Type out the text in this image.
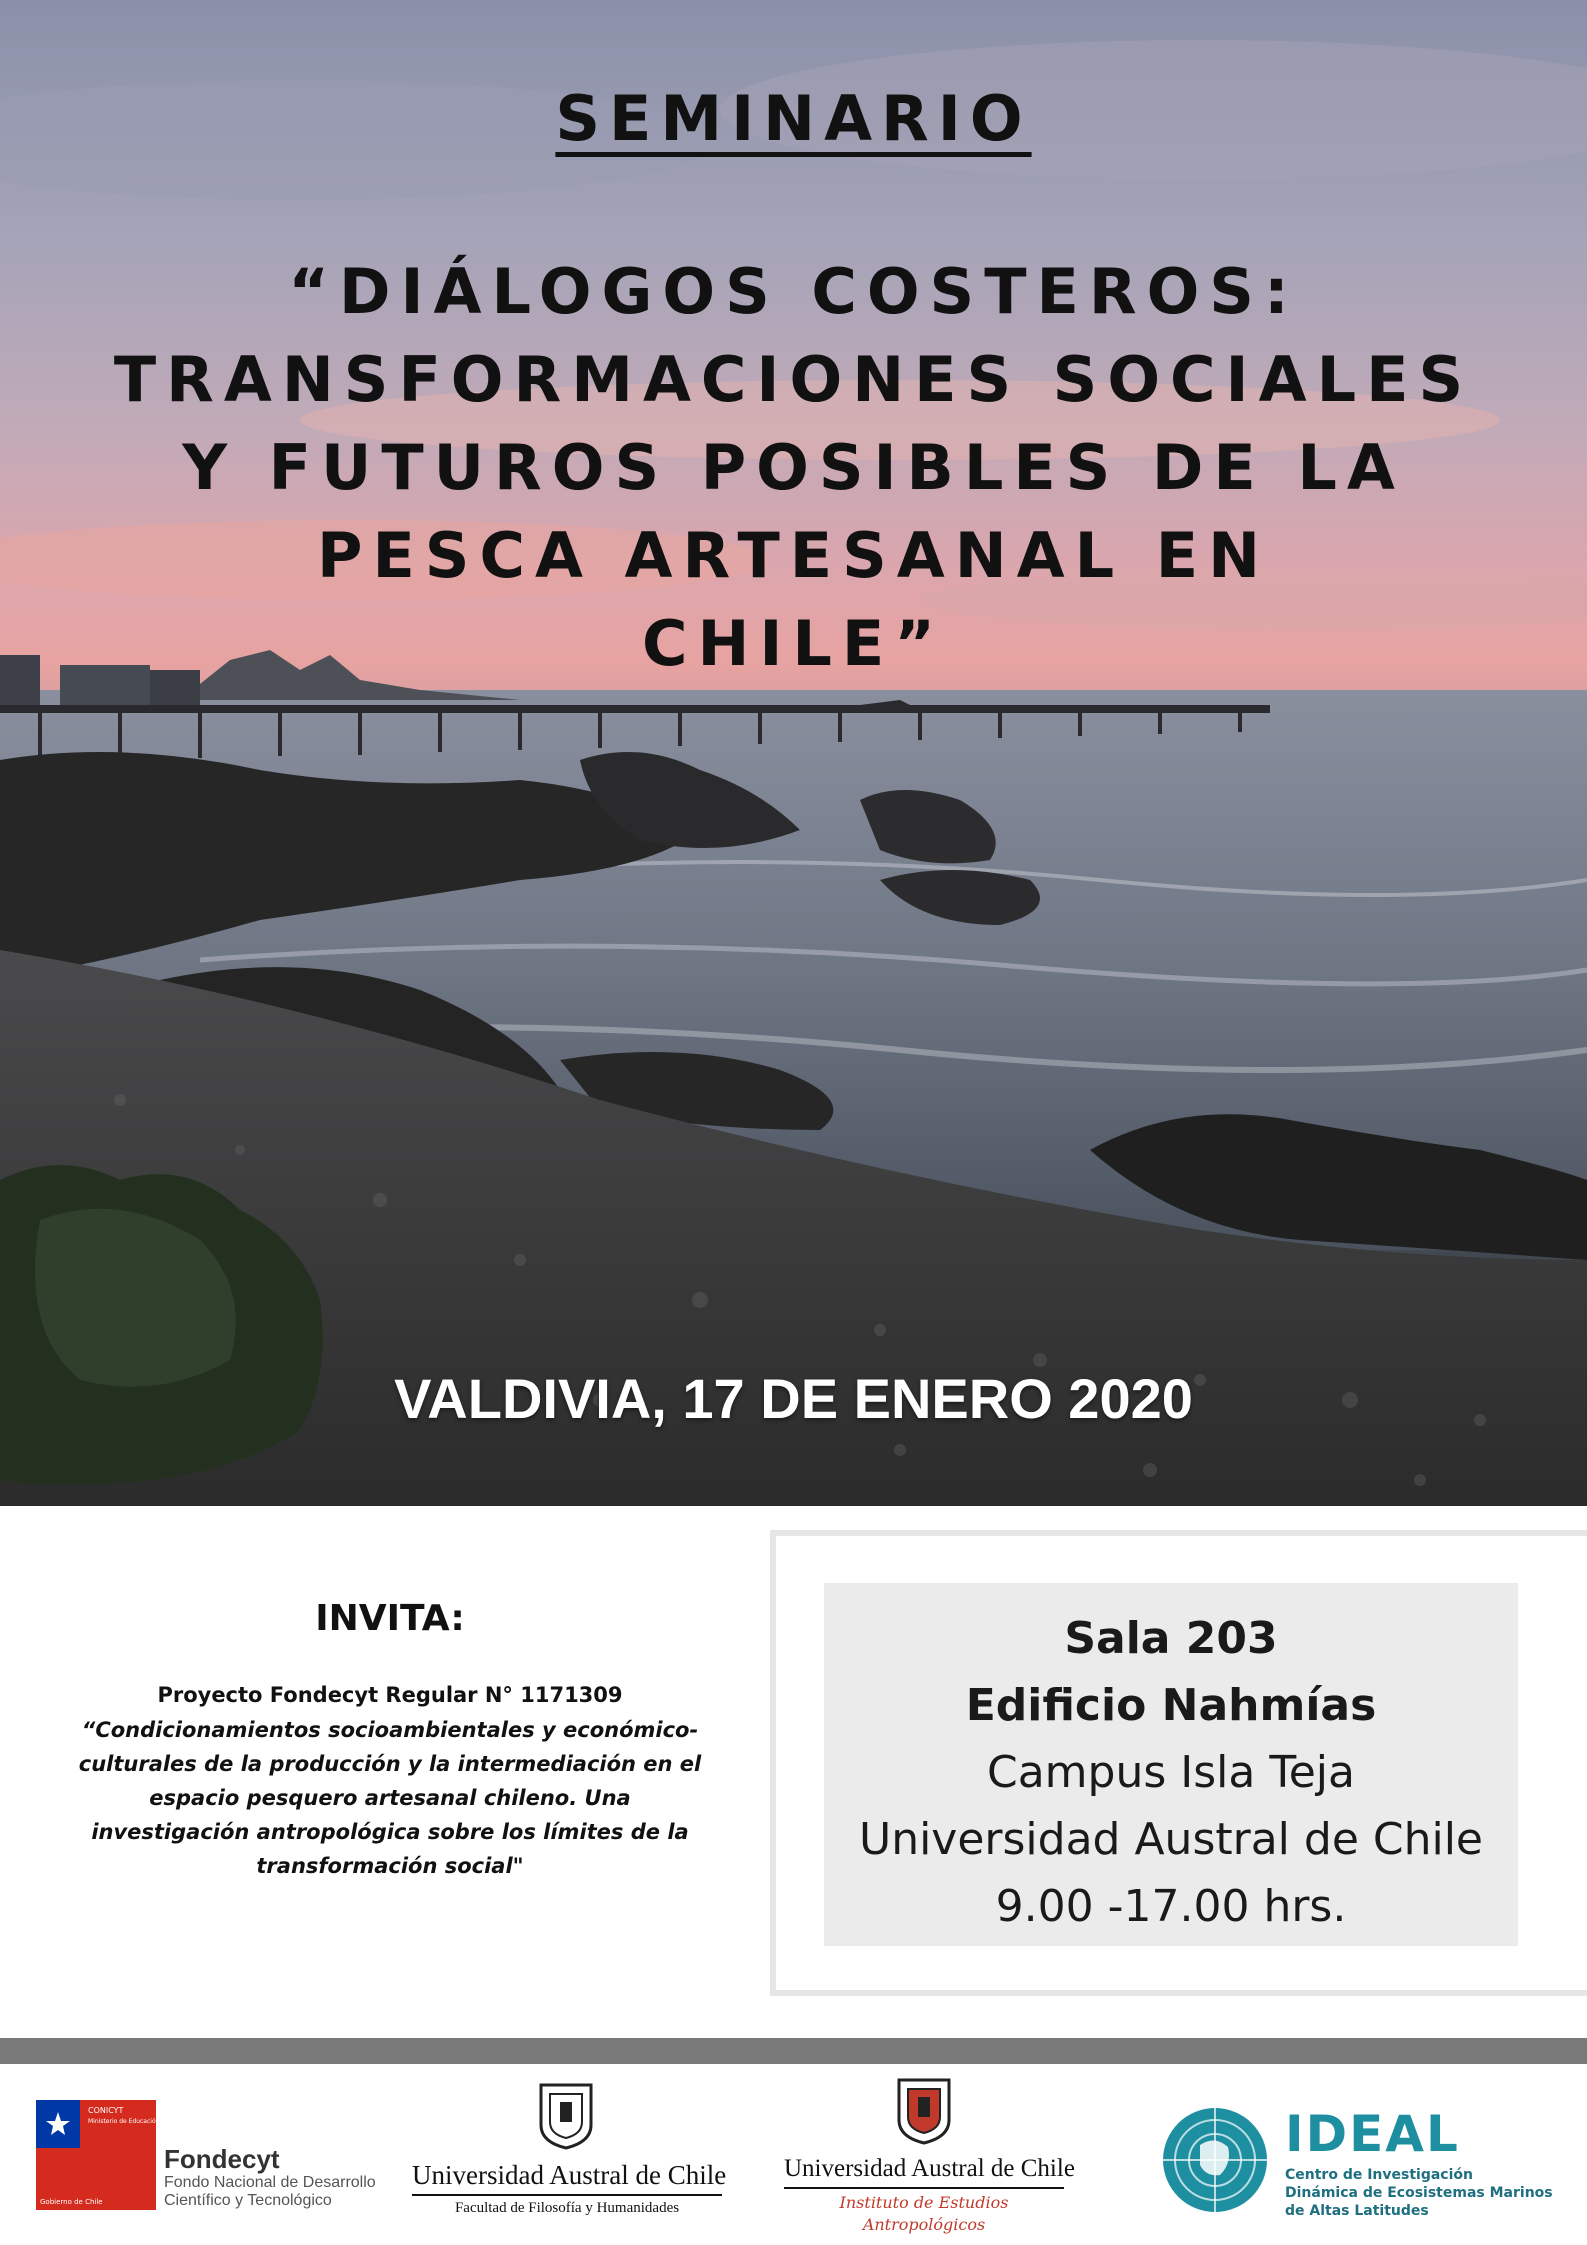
SEMINARIO
“DIÁLOGOS COSTEROS:
TRANSFORMACIONES SOCIALES
Y FUTUROS POSIBLES DE LA
PESCA ARTESANAL EN
CHILE”
VALDIVIA, 17 DE ENERO 2020
INVITA:
Proyecto Fondecyt Regular N° 1171309
“Condicionamientos socioambientales y económico-
culturales de la producción y la intermediación en el
espacio pesquero artesanal chileno. Una
investigación antropológica sobre los límites de la
transformación social"
Sala 203
Edificio Nahmías
Campus Isla Teja
Universidad Austral de Chile
9.00 -17.00 hrs.
CONICYT
Ministerio de Educación
Gobierno de Chile
Fondecyt
Fondo Nacional de Desarrollo
Científico y Tecnológico
Universidad Austral de Chile
Facultad de Filosofía y Humanidades
Universidad Austral de Chile
Instituto de Estudios
Antropológicos
IDEAL
Centro de Investigación
Dinámica de Ecosistemas Marinos
de Altas Latitudes
